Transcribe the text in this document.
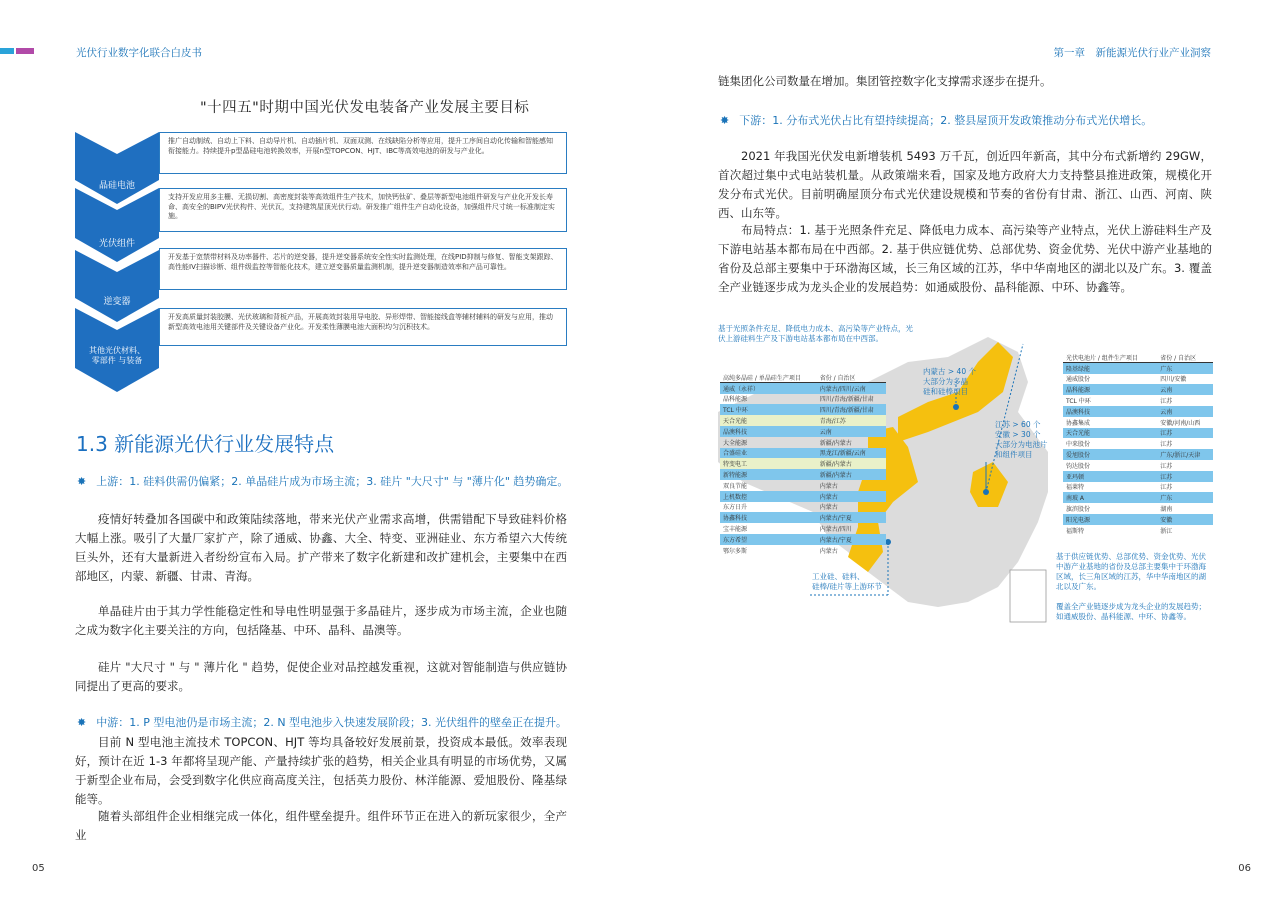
光伏行业数字化联合白皮书	第一章　新能源光伏行业产业洞察
"十四五"时期中国光伏发电装备产业发展主要目标
晶硅电池
光伏组件
逆变器
其他光伏材料、
零部件 与装备
推广自动制绒、自动上下料、自动导片机、自动插片机、双面双测、在线缺陷分析等应用，提升工序间自动化传输和智能感知衔接能力。持续提升p型晶硅电池转换效率，开展n型TOPCON、HJT、IBC等高效电池的研发与产业化。
支持开发应用多主栅、无损切割、高密度封装等高效组件生产技术，加快钙钛矿、叠层等新型电池组件研发与产业化开发长寿命、高安全的BIPV光伏构件、光伏瓦，支持建筑屋顶光伏行动。研发推广组件生产自动化设备，加强组件尺寸统一标准制定实施。
开发基于宽禁带材料及功率器件、芯片的逆变器，提升逆变器系统安全性实时监测处理，在线PID抑制与修复、智能支架跟踪、高性能IV扫描诊断、组件级监控等智能化技术，建立逆变器质量监测机制，提升逆变器制造效率和产品可靠性。
开发高质量封装胶膜、光伏玻璃和背板产品，开展高效封装用导电胶、异形焊带、智能接线盒等辅材辅料的研发与应用，推动新型高效电池用关键部件及关键设备产业化。开发柔性薄膜电池大面积均匀沉积技术。
1.3 新能源光伏行业发展特点
✸ 上游：1. 硅料供需仍偏紧；2. 单晶硅片成为市场主流；3. 硅片 "大尺寸" 与 "薄片化" 趋势确定。
疫情好转叠加各国碳中和政策陆续落地，带来光伏产业需求高增，供需错配下导致硅料价格大幅上涨。吸引了大量厂家扩产，除了通威、协鑫、大全、特变、亚洲硅业、东方希望六大传统巨头外，还有大量新进入者纷纷宣布入局。扩产带来了数字化新建和改扩建机会，主要集中在西部地区，内蒙、新疆、甘肃、青海。
单晶硅片由于其力学性能稳定性和导电性明显强于多晶硅片，逐步成为市场主流，企业也随之成为数字化主要关注的方向，包括隆基、中环、晶科、晶澳等。
硅片 "大尺寸 " 与 " 薄片化 " 趋势，促使企业对品控越发重视，这就对智能制造与供应链协同提出了更高的要求。
✸ 中游：1. P 型电池仍是市场主流；2. N 型电池步入快速发展阶段；3. 光伏组件的壁垒正在提升。
目前 N 型电池主流技术 TOPCON、HJT 等均具备较好发展前景，投资成本最低。效率表现好，预计在近 1-3 年都将呈现产能、产量持续扩张的趋势，相关企业具有明显的市场优势，又属于新型企业布局，会受到数字化供应商高度关注，包括英力股份、林洋能源、爱旭股份、隆基绿能等。
随着头部组件企业相继完成一体化，组件壁垒提升。组件环节正在进入的新玩家很少，全产业
05	06
链集团化公司数量在增加。集团管控数字化支撑需求逐步在提升。
✸ 下游：1. 分布式光伏占比有望持续提高；2. 整县屋顶开发政策推动分布式光伏增长。
2021 年我国光伏发电新增装机 5493 万千瓦，创近四年新高，其中分布式新增约 29GW，首次超过集中式电站装机量。从政策端来看，国家及地方政府大力支持整县推进政策，规模化开发分布式光伏。目前明确屋顶分布式光伏建设规模和节奏的省份有甘肃、浙江、山西、河南、陕西、山东等。
布局特点：1. 基于光照条件充足、降低电力成本、高污染等产业特点，光伏上游硅料生产及下游电站基本都布局在中西部。2. 基于供应链优势、总部优势、资金优势、光伏中游产业基地的省份及总部主要集中于环渤海区域，长三角区域的江苏，华中华南地区的湖北以及广东。3. 覆盖全产业链逐步成为龙头企业的发展趋势：如通威股份、晶科能源、中环、协鑫等。
基于光照条件充足、降低电力成本、高污染等产业特点，光伏上游硅料生产及下游电站基本都布局在中西部。
内蒙古 > 40 个
大部分为多晶
硅和硅棒项目
江苏 > 60 个
安徽 > 30 个
大部分为电池片
和组件项目
工业硅、硅料、
硅棒/硅片等上游环节
基于供应链优势、总部优势、资金优势、光伏中游产业基地的省份及总部主要集中于环渤海区域，长三角区域的江苏，华中华南地区的湖北以及广东。
覆盖全产业链逐步成为龙头企业的发展趋势；如通威股份、晶科能源、中环、协鑫等。
高纯多晶硅 / 单晶硅生产项目	省份 / 自治区
通威（永祥）	内蒙古/四川/云南
晶科能源	四川/青海/新疆/甘肃
TCL 中环	四川/青海/新疆/甘肃
天合光能	青海/江苏
晶澳科技	云南
大全能源	新疆/内蒙古
合盛硅业	黑龙江/新疆/云南
特变电工	新疆/内蒙古
新特能源	新疆/内蒙古
双良节能	内蒙古
上机数控	内蒙古
东方日升	内蒙古
协鑫科技	内蒙古/宁夏
宝丰能源	内蒙古/四川
东方希望	内蒙古/宁夏
鄂尔多斯	内蒙古
光伏电池片 / 组件生产项目	省份 / 自治区
隆基绿能	广东
通威股份	四川/安徽
晶科能源	云南
TCL 中环	江苏
晶澳科技	云南
协鑫集成	安徽/河南/山西
天合光能	江苏
中来股份	江苏
爱旭股份	广东/浙江/天津
钧达股份	江苏
亚玛顿	江苏
福莱特	江苏
南玻 A	广东
旗滨股份	湖南
阳光电源	安徽
福斯特	浙江
